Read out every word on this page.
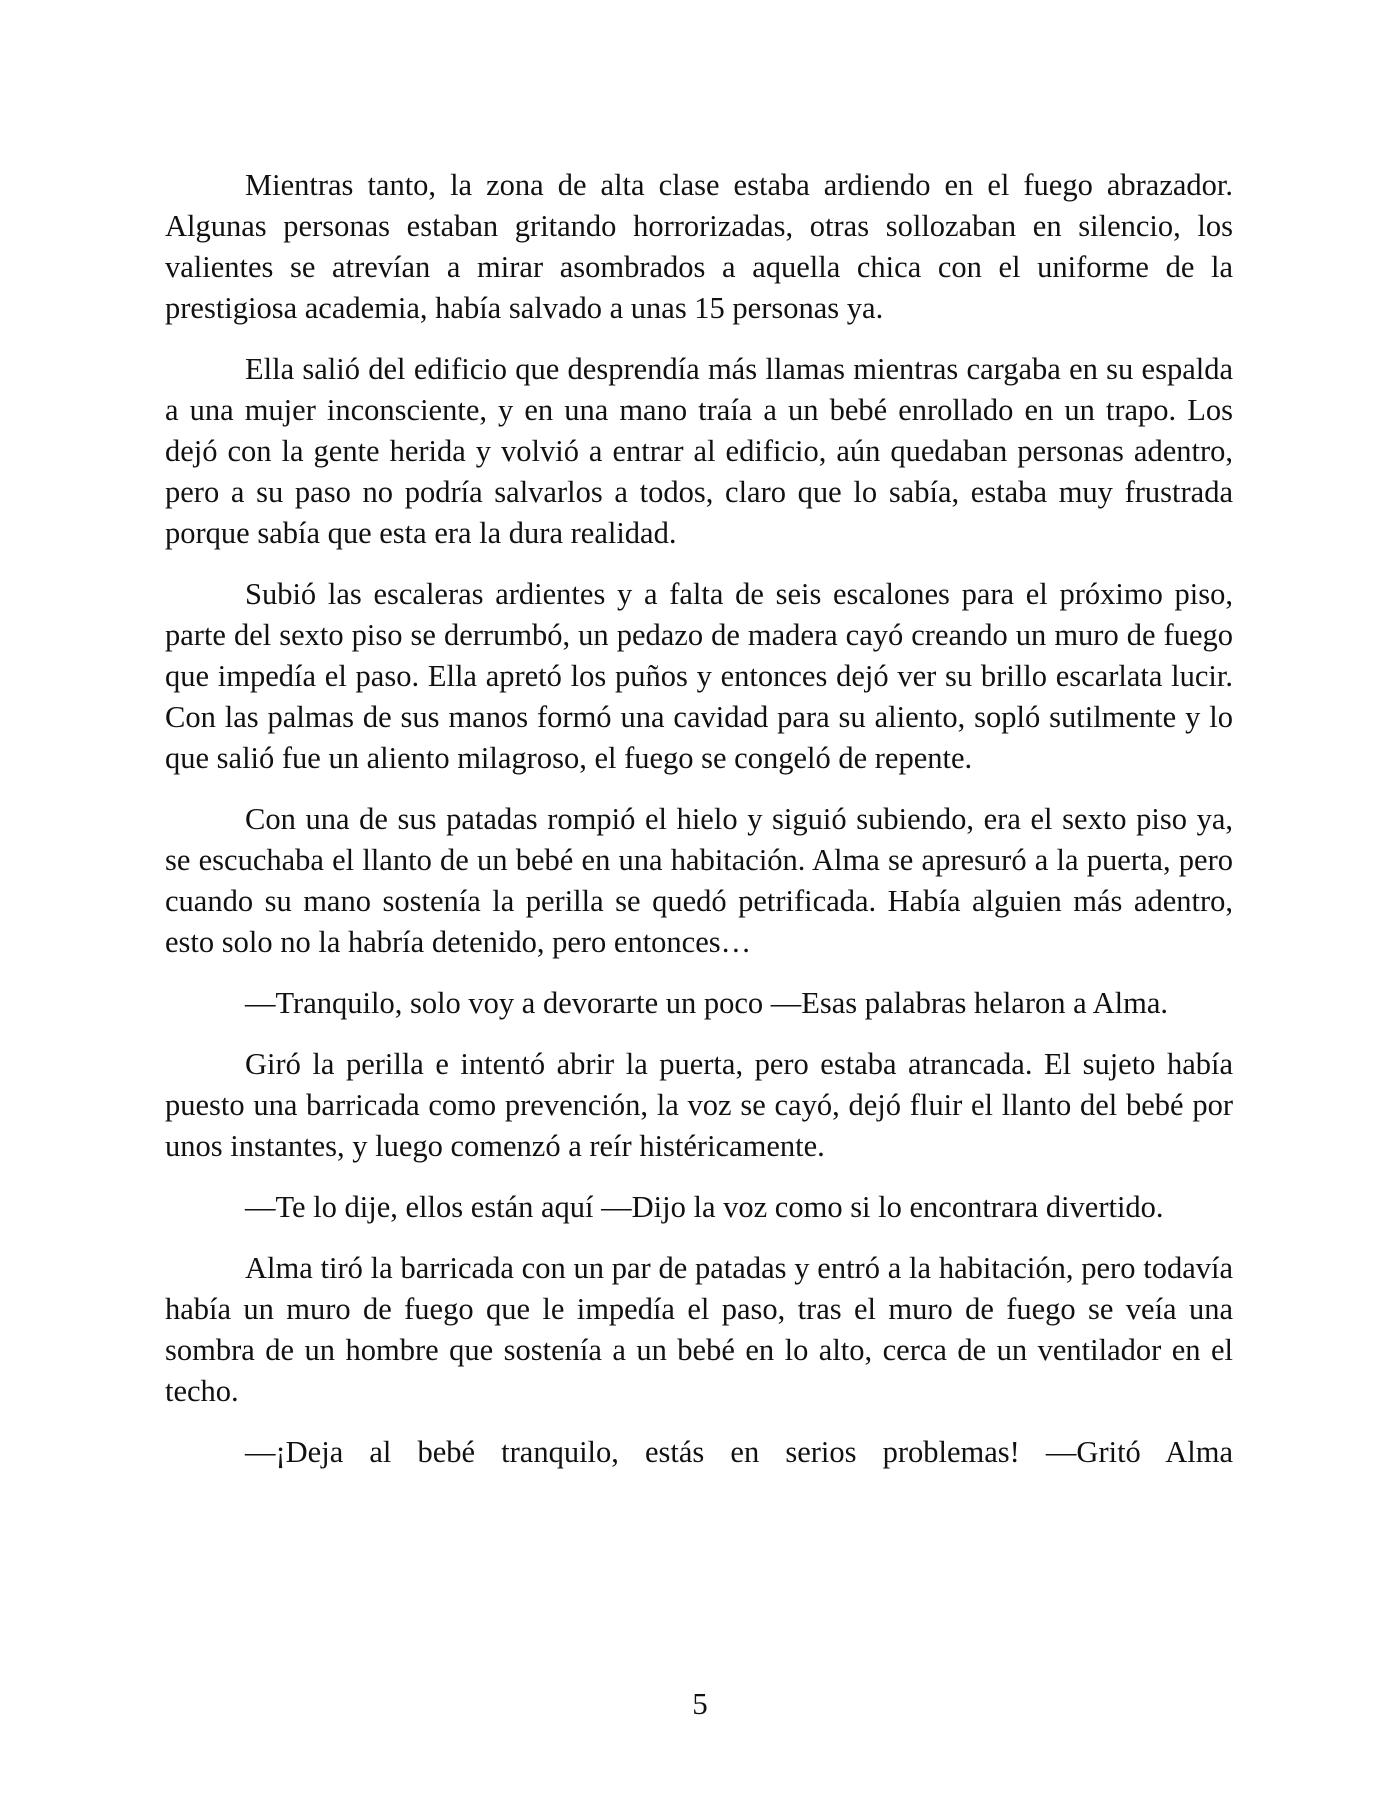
Mientras tanto, la zona de alta clase estaba ardiendo en el fuego abrazador. Algunas personas estaban gritando horrorizadas, otras sollozaban en silencio, los valientes se atrevían a mirar asombrados a aquella chica con el uniforme de la prestigiosa academia, había salvado a unas 15 personas ya.

Ella salió del edificio que desprendía más llamas mientras cargaba en su espalda a una mujer inconsciente, y en una mano traía a un bebé enrollado en un trapo. Los dejó con la gente herida y volvió a entrar al edificio, aún quedaban personas adentro, pero a su paso no podría salvarlos a todos, claro que lo sabía, estaba muy frustrada porque sabía que esta era la dura realidad.

Subió las escaleras ardientes y a falta de seis escalones para el próximo piso, parte del sexto piso se derrumbó, un pedazo de madera cayó creando un muro de fuego que impedía el paso. Ella apretó los puños y entonces dejó ver su brillo escarlata lucir. Con las palmas de sus manos formó una cavidad para su aliento, sopló sutilmente y lo que salió fue un aliento milagroso, el fuego se congeló de repente.

Con una de sus patadas rompió el hielo y siguió subiendo, era el sexto piso ya, se escuchaba el llanto de un bebé en una habitación. Alma se apresuró a la puerta, pero cuando su mano sostenía la perilla se quedó petrificada. Había alguien más adentro, esto solo no la habría detenido, pero entonces…

—Tranquilo, solo voy a devorarte un poco —Esas palabras helaron a Alma.

Giró la perilla e intentó abrir la puerta, pero estaba atrancada. El sujeto había puesto una barricada como prevención, la voz se cayó, dejó fluir el llanto del bebé por unos instantes, y luego comenzó a reír histéricamente.

—Te lo dije, ellos están aquí —Dijo la voz como si lo encontrara divertido.

Alma tiró la barricada con un par de patadas y entró a la habitación, pero todavía había un muro de fuego que le impedía el paso, tras el muro de fuego se veía una sombra de un hombre que sostenía a un bebé en lo alto, cerca de un ventilador en el techo.

—¡Deja al bebé tranquilo, estás en serios problemas! —Gritó Alma

5
